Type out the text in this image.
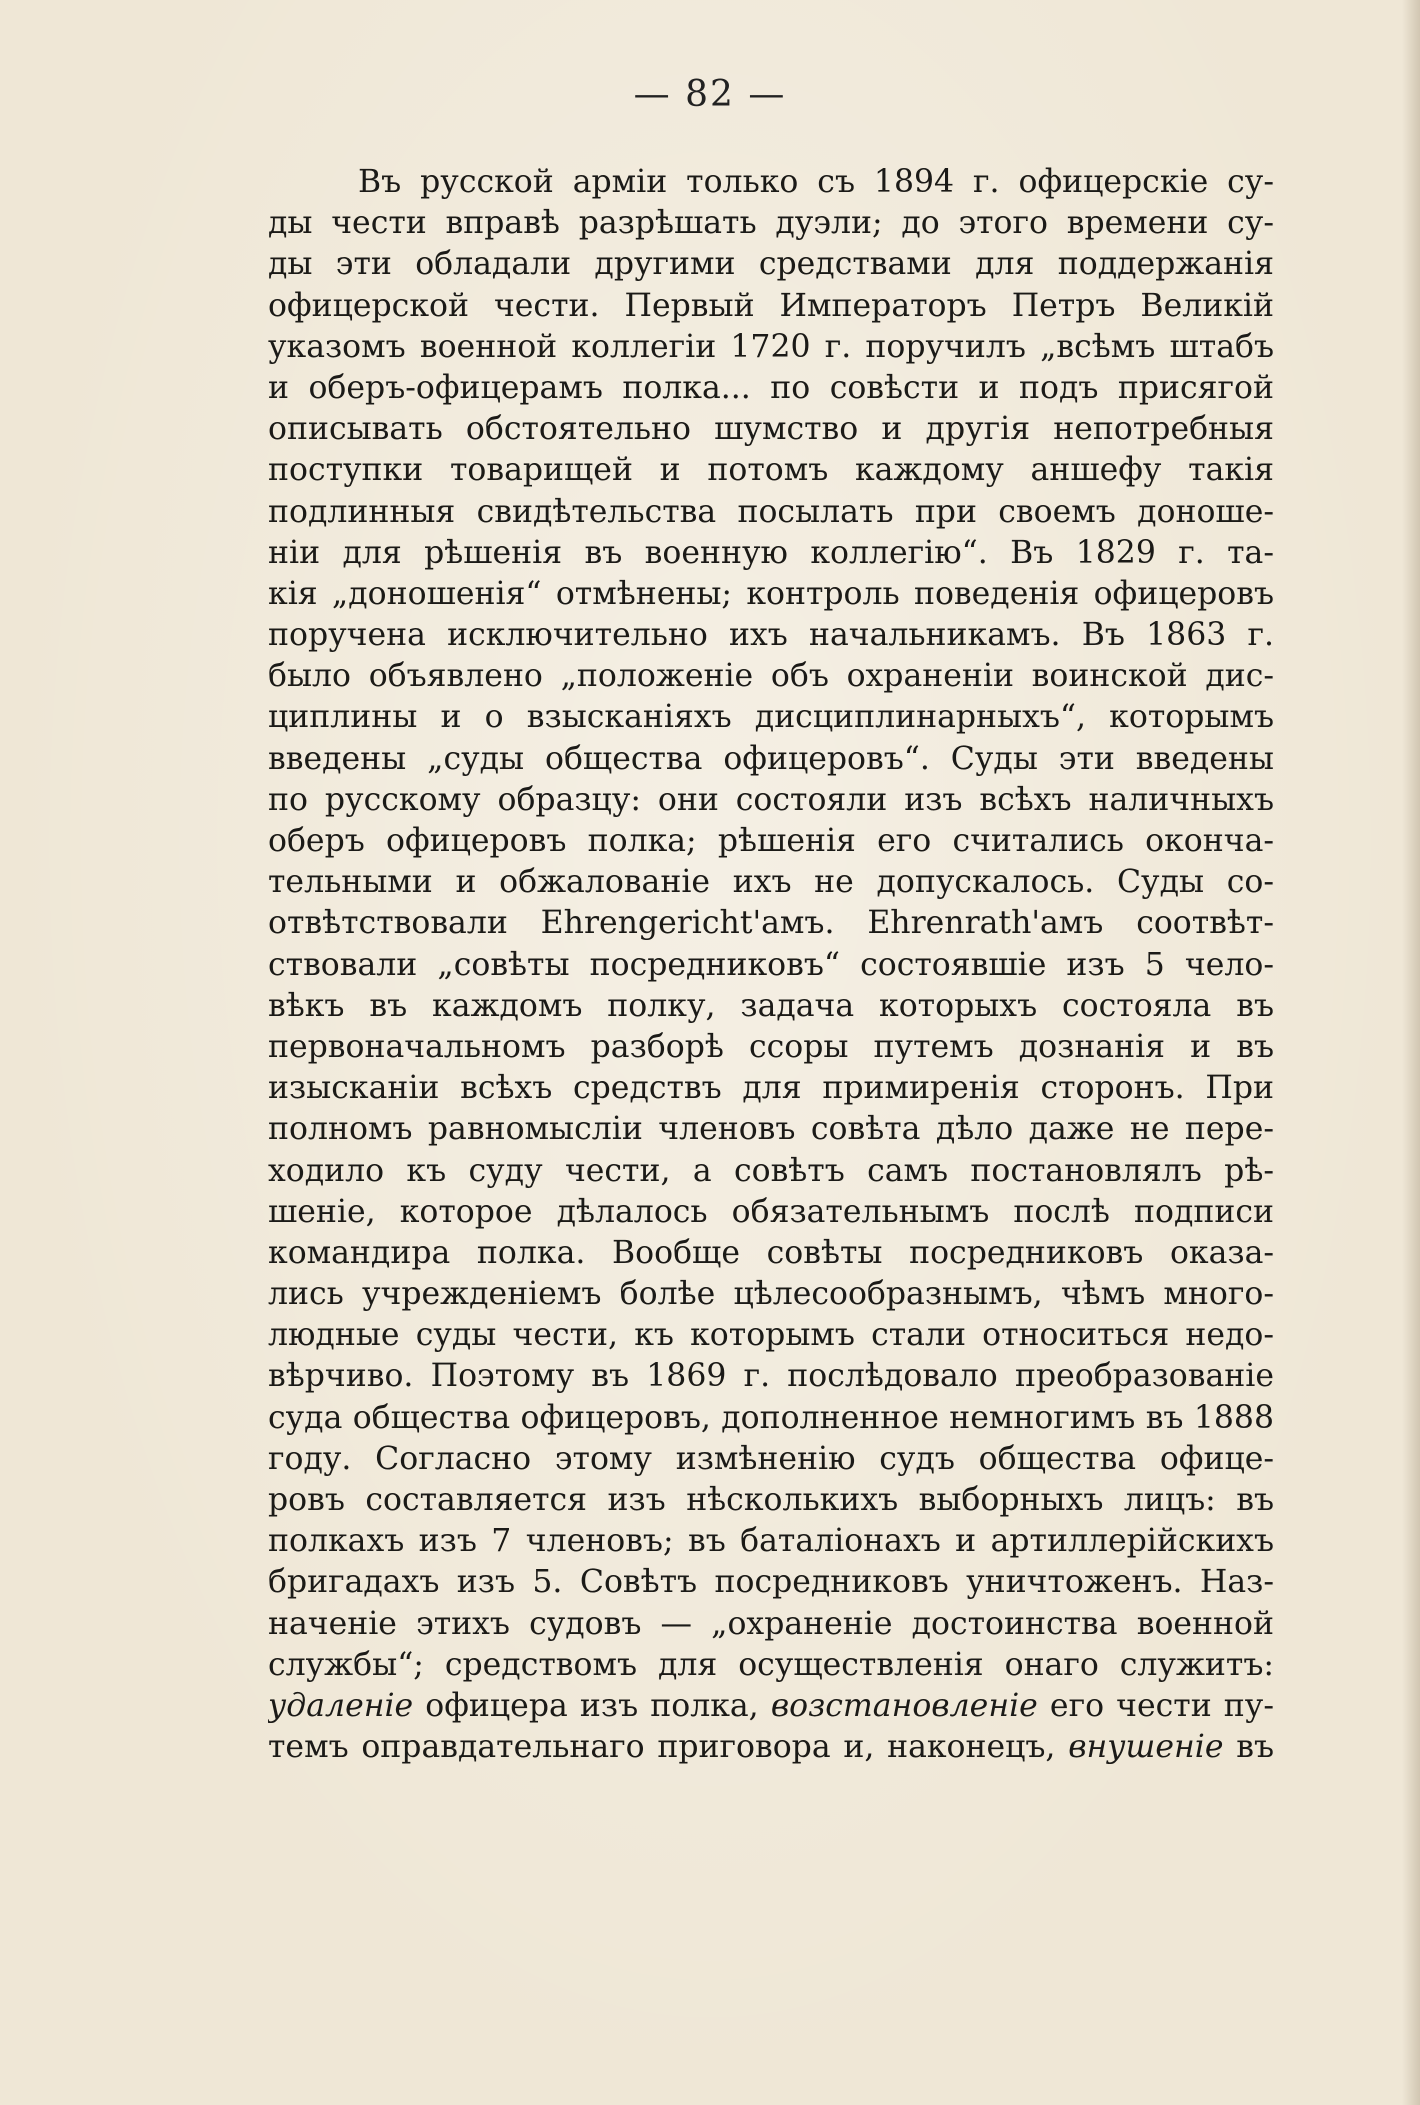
— 82 —
Въ русской арміи только съ 1894 г. офицерскіе су-
ды чести вправѣ разрѣшать дуэли; до этого времени су-
ды эти обладали другими средствами для поддержанія
офицерской чести. Первый Императоръ Петръ Великій
указомъ военной коллегіи 1720 г. поручилъ „всѣмъ штабъ
и оберъ-офицерамъ полка... по совѣсти и подъ присягой
описывать обстоятельно шумство и другія непотребныя
поступки товарищей и потомъ каждому аншефу такія
подлинныя свидѣтельства посылать при своемъ доноше-
ніи для рѣшенія въ военную коллегію“. Въ 1829 г. та-
кія „доношенія“ отмѣнены; контроль поведенія офицеровъ
поручена исключительно ихъ начальникамъ. Въ 1863 г.
было объявлено „положеніе объ охраненіи воинской дис-
циплины и о взысканіяхъ дисциплинарныхъ“, которымъ
введены „суды общества офицеровъ“. Суды эти введены
по русскому образцу: они состояли изъ всѣхъ наличныхъ
оберъ офицеровъ полка; рѣшенія его считались оконча-
тельными и обжалованіе ихъ не допускалось. Суды со-
отвѣтствовали Ehrengericht'амъ. Ehrenrath'амъ соотвѣт-
ствовали „совѣты посредниковъ“ состоявшіе изъ 5 чело-
вѣкъ въ каждомъ полку, задача которыхъ состояла въ
первоначальномъ разборѣ ссоры путемъ дознанія и въ
изысканіи всѣхъ средствъ для примиренія сторонъ. При
полномъ равномысліи членовъ совѣта дѣло даже не пере-
ходило къ суду чести, а совѣтъ самъ постановлялъ рѣ-
шеніе, которое дѣлалось обязательнымъ послѣ подписи
командира полка. Вообще совѣты посредниковъ оказа-
лись учрежденіемъ болѣе цѣлесообразнымъ, чѣмъ много-
людные суды чести, къ которымъ стали относиться недо-
вѣрчиво. Поэтому въ 1869 г. послѣдовало преобразованіе
суда общества офицеровъ, дополненное немногимъ въ 1888
году. Согласно этому измѣненію судъ общества офице-
ровъ составляется изъ нѣсколькихъ выборныхъ лицъ: въ
полкахъ изъ 7 членовъ; въ баталіонахъ и артиллерійскихъ
бригадахъ изъ 5. Совѣтъ посредниковъ уничтоженъ. Наз-
наченіе этихъ судовъ — „охраненіе достоинства военной
службы“; средствомъ для осуществленія онаго служитъ:
удаленіе офицера изъ полка, возстановленіе его чести пу-
темъ оправдательнаго приговора и, наконецъ, внушеніе въ
